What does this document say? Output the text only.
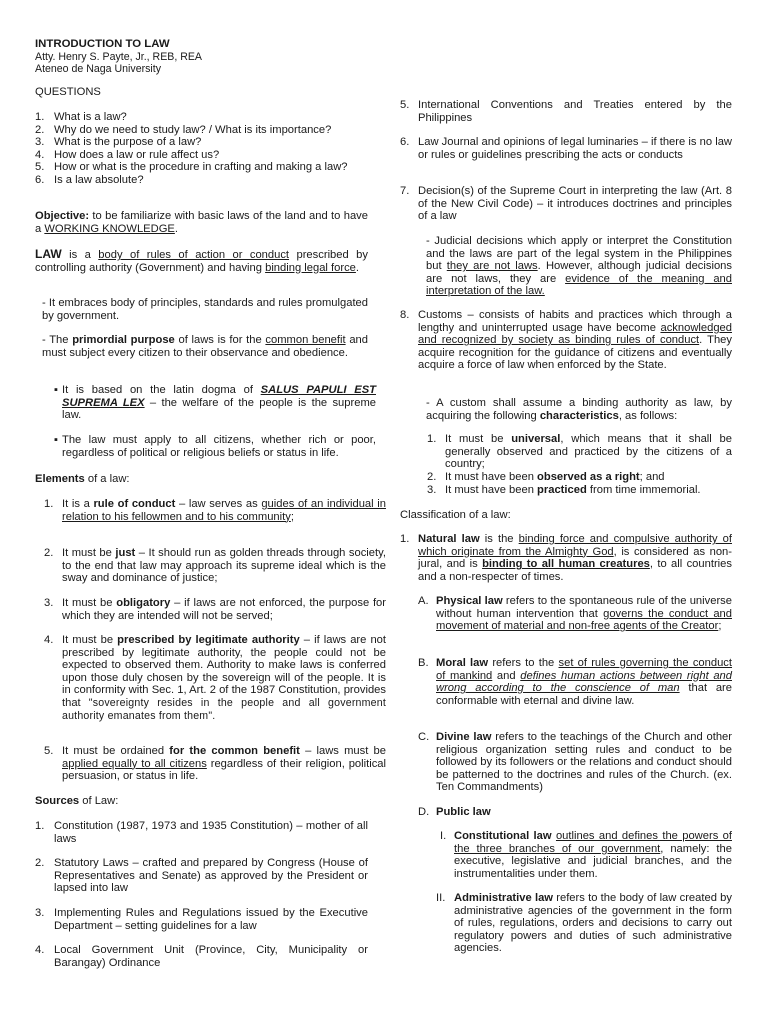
INTRODUCTION TO LAW
Atty. Henry S. Payte, Jr., REB, REA
Ateneo de Naga University
QUESTIONS
1. What is a law?
2. Why do we need to study law? / What is its importance?
3. What is the purpose of a law?
4. How does a law or rule affect us?
5. How or what is the procedure in crafting and making a law?
6. Is a law absolute?
Objective: to be familiarize with basic laws of the land and to have a WORKING KNOWLEDGE.
LAW is a body of rules of action or conduct prescribed by controlling authority (Government) and having binding legal force.
- It embraces body of principles, standards and rules promulgated by government.
- The primordial purpose of laws is for the common benefit and must subject every citizen to their observance and obedience.
▪ It is based on the latin dogma of SALUS PAPULI EST SUPREMA LEX – the welfare of the people is the supreme law.
▪ The law must apply to all citizens, whether rich or poor, regardless of political or religious beliefs or status in life.
Elements of a law:
1. It is a rule of conduct – law serves as guides of an individual in relation to his fellowmen and to his community;
2. It must be just – It should run as golden threads through society, to the end that law may approach its supreme ideal which is the sway and dominance of justice;
3. It must be obligatory – if laws are not enforced, the purpose for which they are intended will not be served;
4. It must be prescribed by legitimate authority – if laws are not prescribed by legitimate authority, the people could not be expected to observed them. Authority to make laws is conferred upon those duly chosen by the sovereign will of the people. It is in conformity with Sec. 1, Art. 2 of the 1987 Constitution, provides that "sovereignty resides in the people and all government authority emanates from them".
5. It must be ordained for the common benefit – laws must be applied equally to all citizens regardless of their religion, political persuasion, or status in life.
Sources of Law:
1. Constitution (1987, 1973 and 1935 Constitution) – mother of all laws
2. Statutory Laws – crafted and prepared by Congress (House of Representatives and Senate) as approved by the President or lapsed into law
3. Implementing Rules and Regulations issued by the Executive Department – setting guidelines for a law
4. Local Government Unit (Province, City, Municipality or Barangay) Ordinance
5. International Conventions and Treaties entered by the Philippines
6. Law Journal and opinions of legal luminaries – if there is no law or rules or guidelines prescribing the acts or conducts
7. Decision(s) of the Supreme Court in interpreting the law (Art. 8 of the New Civil Code) – it introduces doctrines and principles of a law
- Judicial decisions which apply or interpret the Constitution and the laws are part of the legal system in the Philippines but they are not laws. However, although judicial decisions are not laws, they are evidence of the meaning and interpretation of the law.
8. Customs – consists of habits and practices which through a lengthy and uninterrupted usage have become acknowledged and recognized by society as binding rules of conduct. They acquire recognition for the guidance of citizens and eventually acquire a force of law when enforced by the State.
- A custom shall assume a binding authority as law, by acquiring the following characteristics, as follows:
1. It must be universal, which means that it shall be generally observed and practiced by the citizens of a country;
2. It must have been observed as a right; and
3. It must have been practiced from time immemorial.
Classification of a law:
1. Natural law is the binding force and compulsive authority of which originate from the Almighty God, is considered as non-jural, and is binding to all human creatures, to all countries and a non-respecter of times.
A. Physical law refers to the spontaneous rule of the universe without human intervention that governs the conduct and movement of material and non-free agents of the Creator;
B. Moral law refers to the set of rules governing the conduct of mankind and defines human actions between right and wrong according to the conscience of man that are conformable with eternal and divine law.
C. Divine law refers to the teachings of the Church and other religious organization setting rules and conduct to be followed by its followers or the relations and conduct should be patterned to the doctrines and rules of the Church. (ex. Ten Commandments)
D. Public law
I. Constitutional law outlines and defines the powers of the three branches of our government, namely: the executive, legislative and judicial branches, and the instrumentalities under them.
II. Administrative law refers to the body of law created by administrative agencies of the government in the form of rules, regulations, orders and decisions to carry out regulatory powers and duties of such administrative agencies.
